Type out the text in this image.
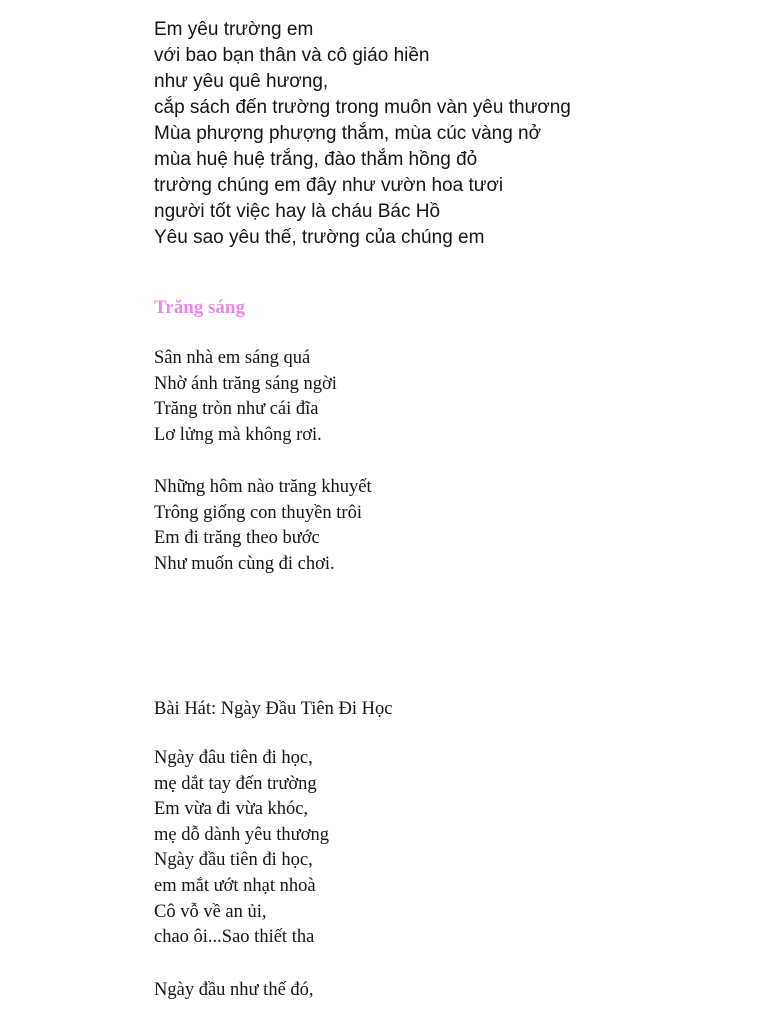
Em yêu trường em
với bao bạn thân và cô giáo hiền
như yêu quê hương,
cắp sách đến trường trong muôn vàn yêu thương
Mùa phượng phượng thắm, mùa cúc vàng nở
mùa huệ huệ trắng, đào thắm hồng đỏ
trường chúng em đây như vườn hoa tươi
người tốt việc hay là cháu Bác Hồ
Yêu sao yêu thế, trường của chúng em
Trăng sáng
Sân nhà em sáng quá
Nhờ ánh trăng sáng ngời
Trăng tròn như cái đĩa
Lơ lửng mà không rơi.
Những hôm nào trăng khuyết
Trông giống con thuyền trôi
Em đi trăng theo bước
Như muốn cùng đi chơi.
Bài Hát: Ngày Đầu Tiên Đi Học
Ngày đâu tiên đi học,
mẹ dắt tay đến trường
Em vừa đi vừa khóc,
mẹ dỗ dành yêu thương
Ngày đầu tiên đi học,
em mắt ướt nhạt nhoà
Cô vỗ về an ủi,
chao ôi...Sao thiết tha
Ngày đầu như thế đó,
